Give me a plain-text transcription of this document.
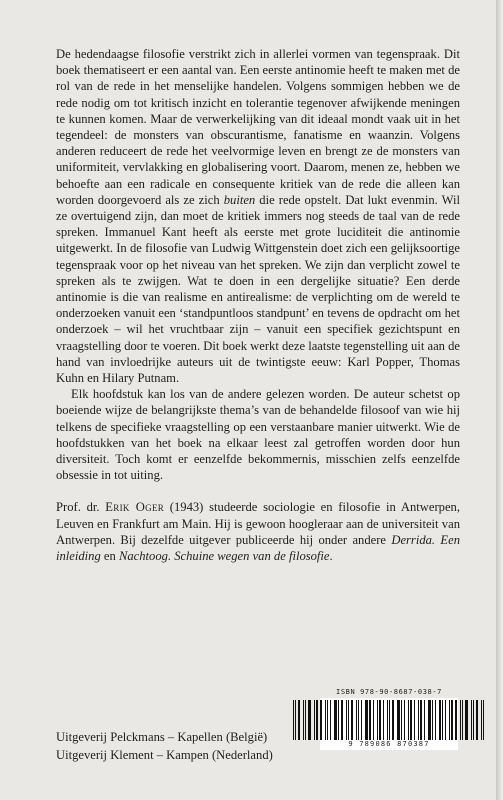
De hedendaagse filosofie verstrikt zich in allerlei vormen van tegenspraak. Dit boek thematiseert er een aantal van. Een eerste antinomie heeft te maken met de rol van de rede in het menselijke handelen. Volgens sommigen hebben we de rede nodig om tot kritisch inzicht en tolerantie tegenover afwijkende meningen te kunnen komen. Maar de verwerkelijking van dit ideaal mondt vaak uit in het tegendeel: de monsters van obscurantisme, fanatisme en waanzin. Volgens anderen reduceert de rede het veelvormige leven en brengt ze de monsters van uniformiteit, vervlakking en globalisering voort. Daarom, menen ze, hebben we behoefte aan een radicale en consequente kritiek van de rede die alleen kan worden doorgevoerd als ze zich buiten die rede opstelt. Dat lukt evenmin. Wil ze overtuigend zijn, dan moet de kritiek immers nog steeds de taal van de rede spreken. Immanuel Kant heeft als eerste met grote luciditeit die antinomie uitgewerkt. In de filosofie van Ludwig Wittgenstein doet zich een gelijksoortige tegenspraak voor op het niveau van het spreken. We zijn dan verplicht zowel te spreken als te zwijgen. Wat te doen in een dergelijke situatie? Een derde antinomie is die van realisme en antirealisme: de verplichting om de wereld te onderzoeken vanuit een ‘standpuntloos standpunt’ en tevens de opdracht om het onderzoek – wil het vruchtbaar zijn – vanuit een specifiek gezichtspunt en vraagstelling door te voeren. Dit boek werkt deze laatste tegenstelling uit aan de hand van invloedrijke auteurs uit de twintigste eeuw: Karl Popper, Thomas Kuhn en Hilary Putnam.

Elk hoofdstuk kan los van de andere gelezen worden. De auteur schetst op boeiende wijze de belangrijkste thema’s van de behandelde filosoof van wie hij telkens de specifieke vraagstelling op een verstaanbare manier uitwerkt. Wie de hoofdstukken van het boek na elkaar leest zal getroffen worden door hun diversiteit. Toch komt er eenzelfde bekommernis, misschien zelfs eenzelfde obsessie in tot uiting.

Prof. dr. Erik Oger (1943) studeerde sociologie en filosofie in Antwerpen, Leuven en Frankfurt am Main. Hij is gewoon hoogleraar aan de universiteit van Antwerpen. Bij dezelfde uitgever publiceerde hij onder andere Derrida. Een inleiding en Nachtoog. Schuine wegen van de filosofie.

ISBN 978-90-8687-038-7
9 789086 870387
Uitgeverij Pelckmans – Kapellen (België)
Uitgeverij Klement – Kampen (Nederland)
